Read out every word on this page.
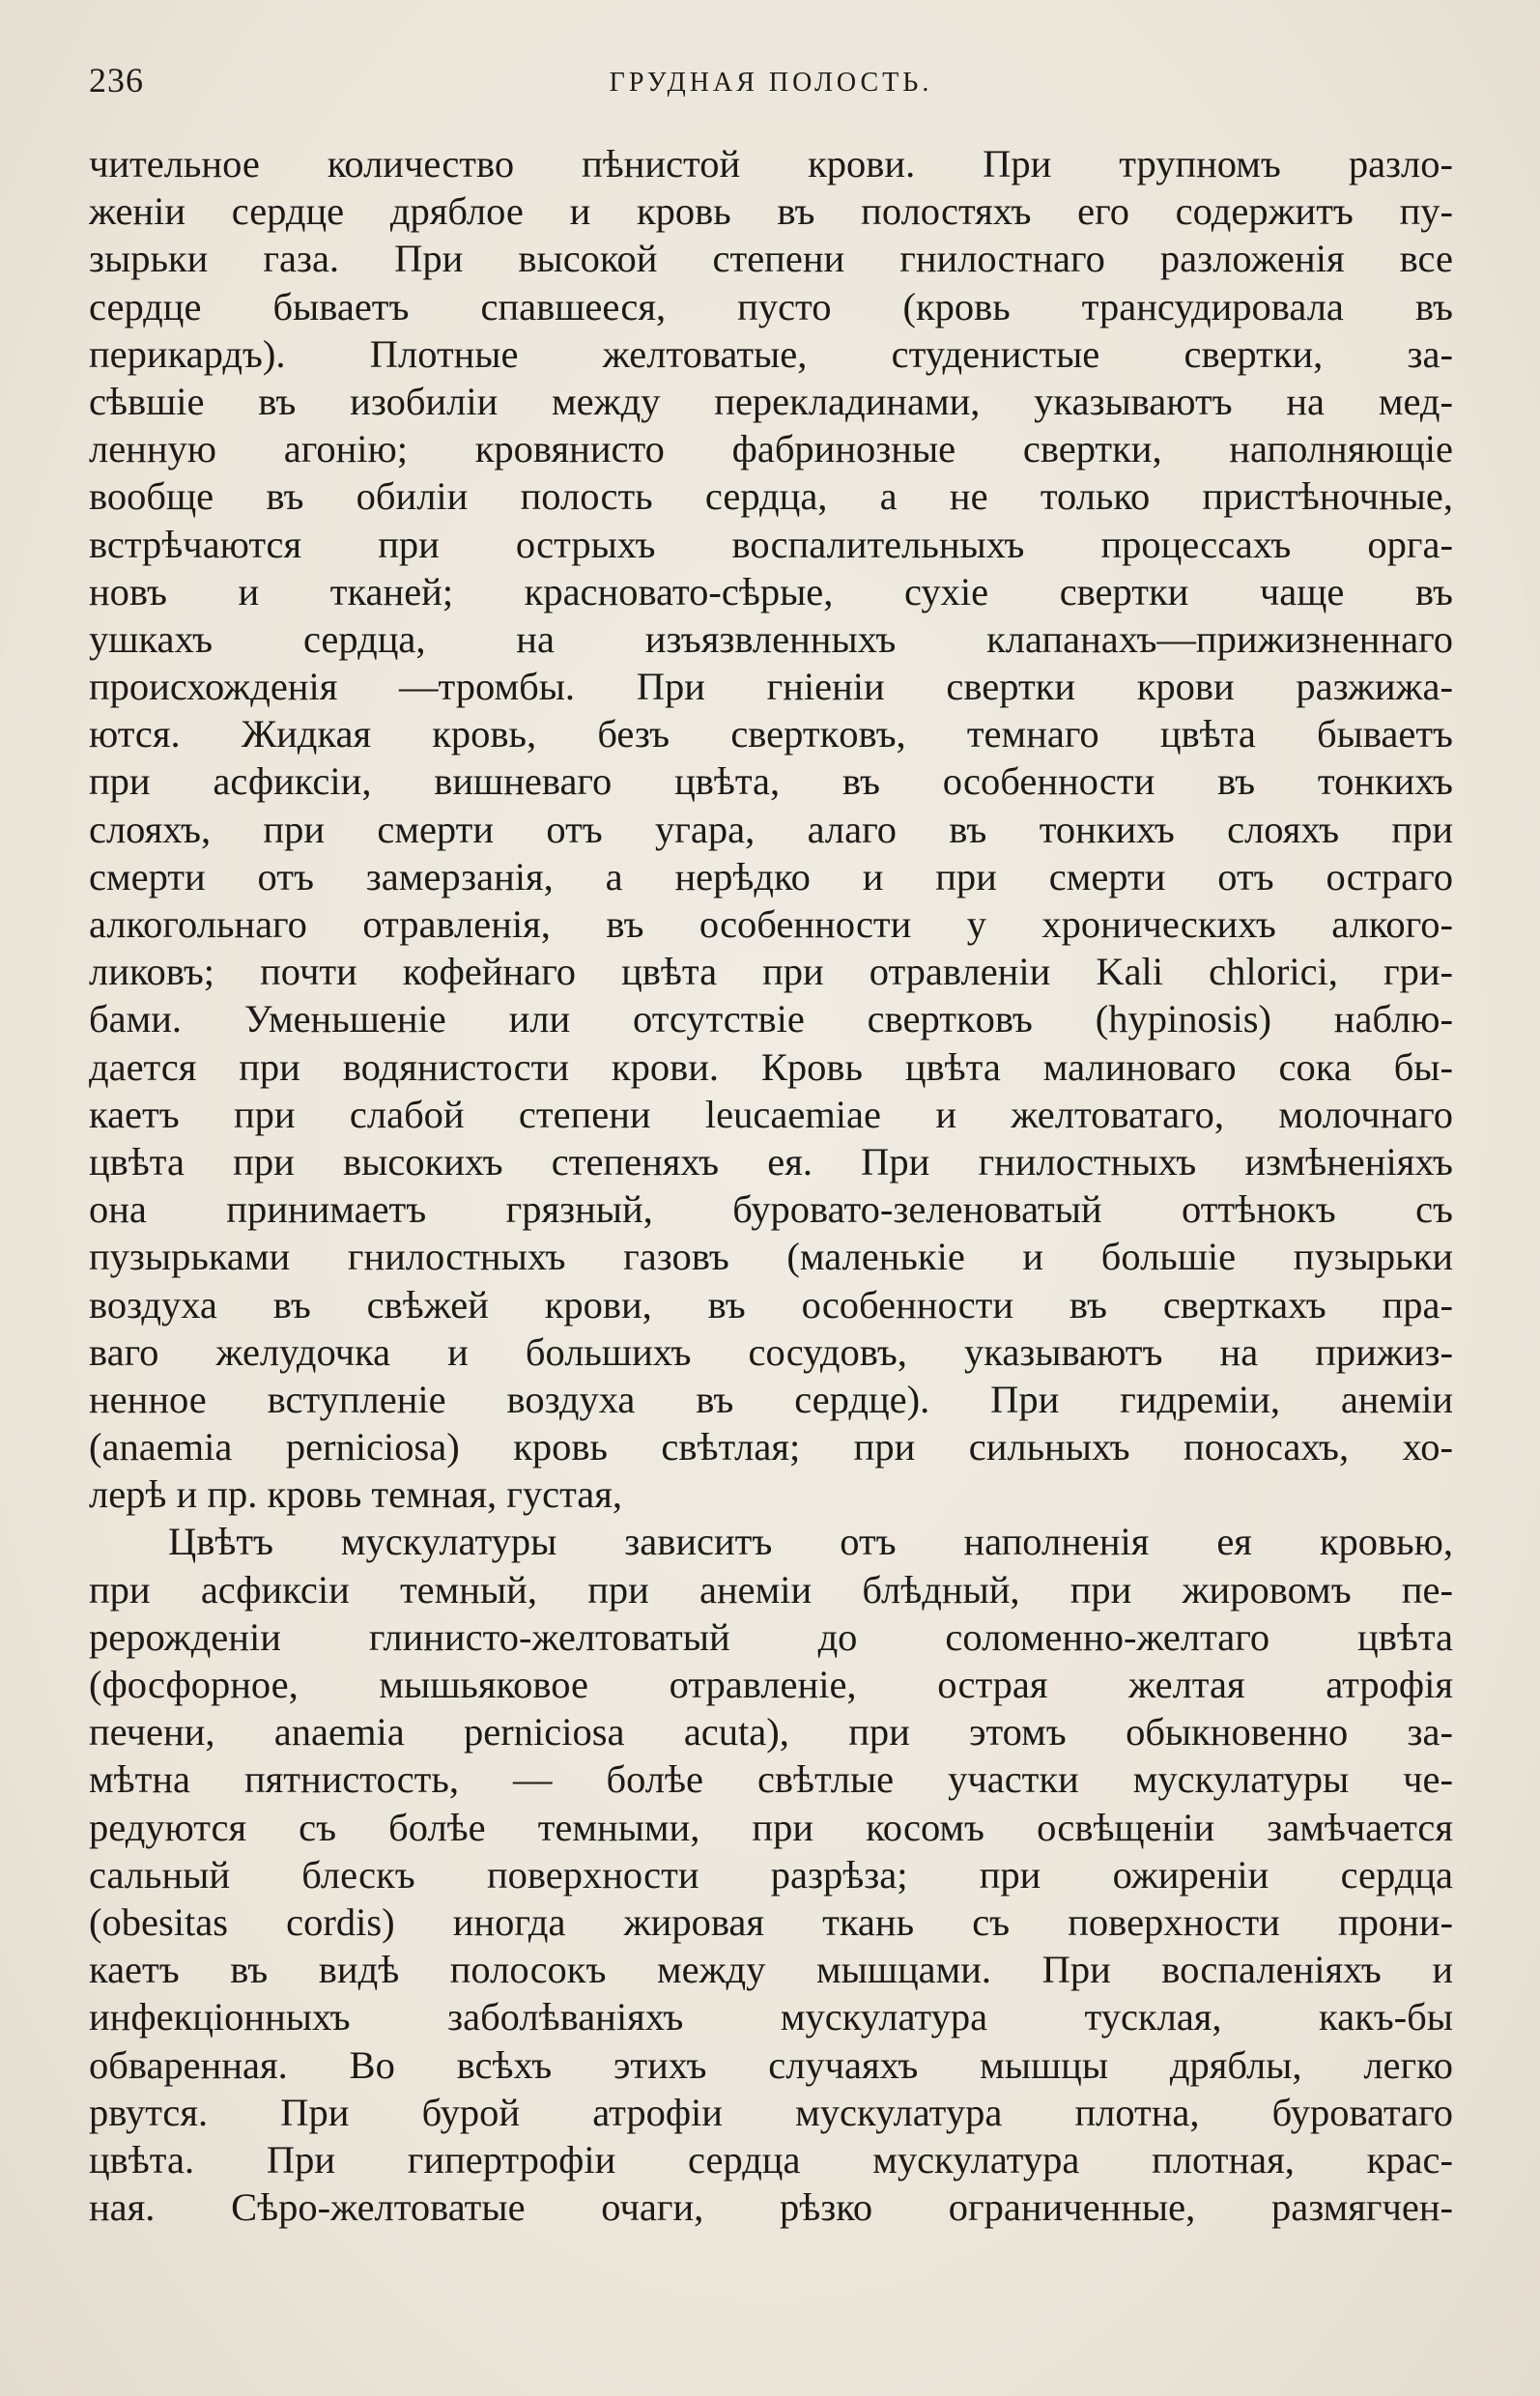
236	ГРУДНАЯ ПОЛОСТЬ.
чительное количество пѣнистой крови. При трупномъ разло-
женіи сердце дряблое и кровь въ полостяхъ его содержитъ пу-
зырьки газа. При высокой степени гнилостнаго разложенія все
сердце бываетъ спавшееся, пусто (кровь трансудировала въ
перикардъ). Плотные желтоватые, студенистые свертки, за-
сѣвшіе въ изобиліи между перекладинами, указываютъ на мед-
ленную агонію; кровянисто фабринозные свертки, наполняющіе
вообще въ обиліи полость сердца, а не только пристѣночные,
встрѣчаются при острыхъ воспалительныхъ процессахъ орга-
новъ и тканей; красновато-сѣрые, сухіе свертки чаще въ
ушкахъ сердца, на изъязвленныхъ клапанахъ—прижизненнаго
происхожденія —тромбы. При гніеніи свертки крови разжижа-
ются. Жидкая кровь, безъ сверткoвъ, темнаго цвѣта бываетъ
при асфиксіи, вишневаго цвѣта, въ особенности въ тонкихъ
слояхъ, при смерти отъ угара, алаго въ тонкихъ слояхъ при
смерти отъ замерзанія, а нерѣдко и при смерти отъ остраго
алкогольнаго отравленія, въ особенности у хроническихъ алкого-
ликовъ; почти кофейнаго цвѣта при отравленіи Kali chlorici, гри-
бами. Уменьшеніе или отсутствіе сверткoвъ (hypinosis) наблю-
дается при водянистости крови. Кровь цвѣта малиноваго сока бы-
каетъ при слабой степени leucaemiae и желтоватаго, молочнаго
цвѣта при высокихъ степеняхъ ея. При гнилостныхъ измѣненіяхъ
она принимаетъ грязный, буровато-зеленоватый оттѣнокъ съ
пузырьками гнилостныхъ газовъ (маленькіе и большіе пузырьки
воздуха въ свѣжей крови, въ особенности въ сверткахъ пра-
ваго желудочка и большихъ сосудовъ, указываютъ на прижиз-
ненное вступленіе воздуха въ сердце). При гидреміи, анеміи
(anaemia perniciosa) кровь свѣтлая; при сильныхъ поносахъ, хо-
лерѣ и пр. кровь темная, густая,
Цвѣтъ мускулатуры зависитъ отъ наполненія ея кровью,
при асфиксіи темный, при анеміи блѣдный, при жировомъ пе-
рерожденіи глинисто-желтоватый до соломенно-желтаго цвѣта
(фосфорное, мышьяковое отравленіе, острая желтая атрофія
печени, anaemia perniciosa acuta), при этомъ обыкновенно за-
мѣтна пятнистость, — болѣе свѣтлые участки мускулатуры че-
редуются съ болѣе темными, при косомъ освѣщеніи замѣчается
сальный блескъ поверхности разрѣза; при ожиреніи сердца
(obesitas cordis) иногда жировая ткань съ поверхности прони-
каетъ въ видѣ полосокъ между мышцами. При воспаленіяхъ и
инфекціонныхъ заболѣваніяхъ мускулатура тусклая, какъ-бы
обваренная. Во всѣхъ этихъ случаяхъ мышцы дряблы, легко
рвутся. При бурой атрофіи мускулатура плотна, буроватаго
цвѣта. При гипертрофіи сердца мускулатура плотная, крас-
ная. Сѣро-желтоватые очаги, рѣзко ограниченные, размягчен-
